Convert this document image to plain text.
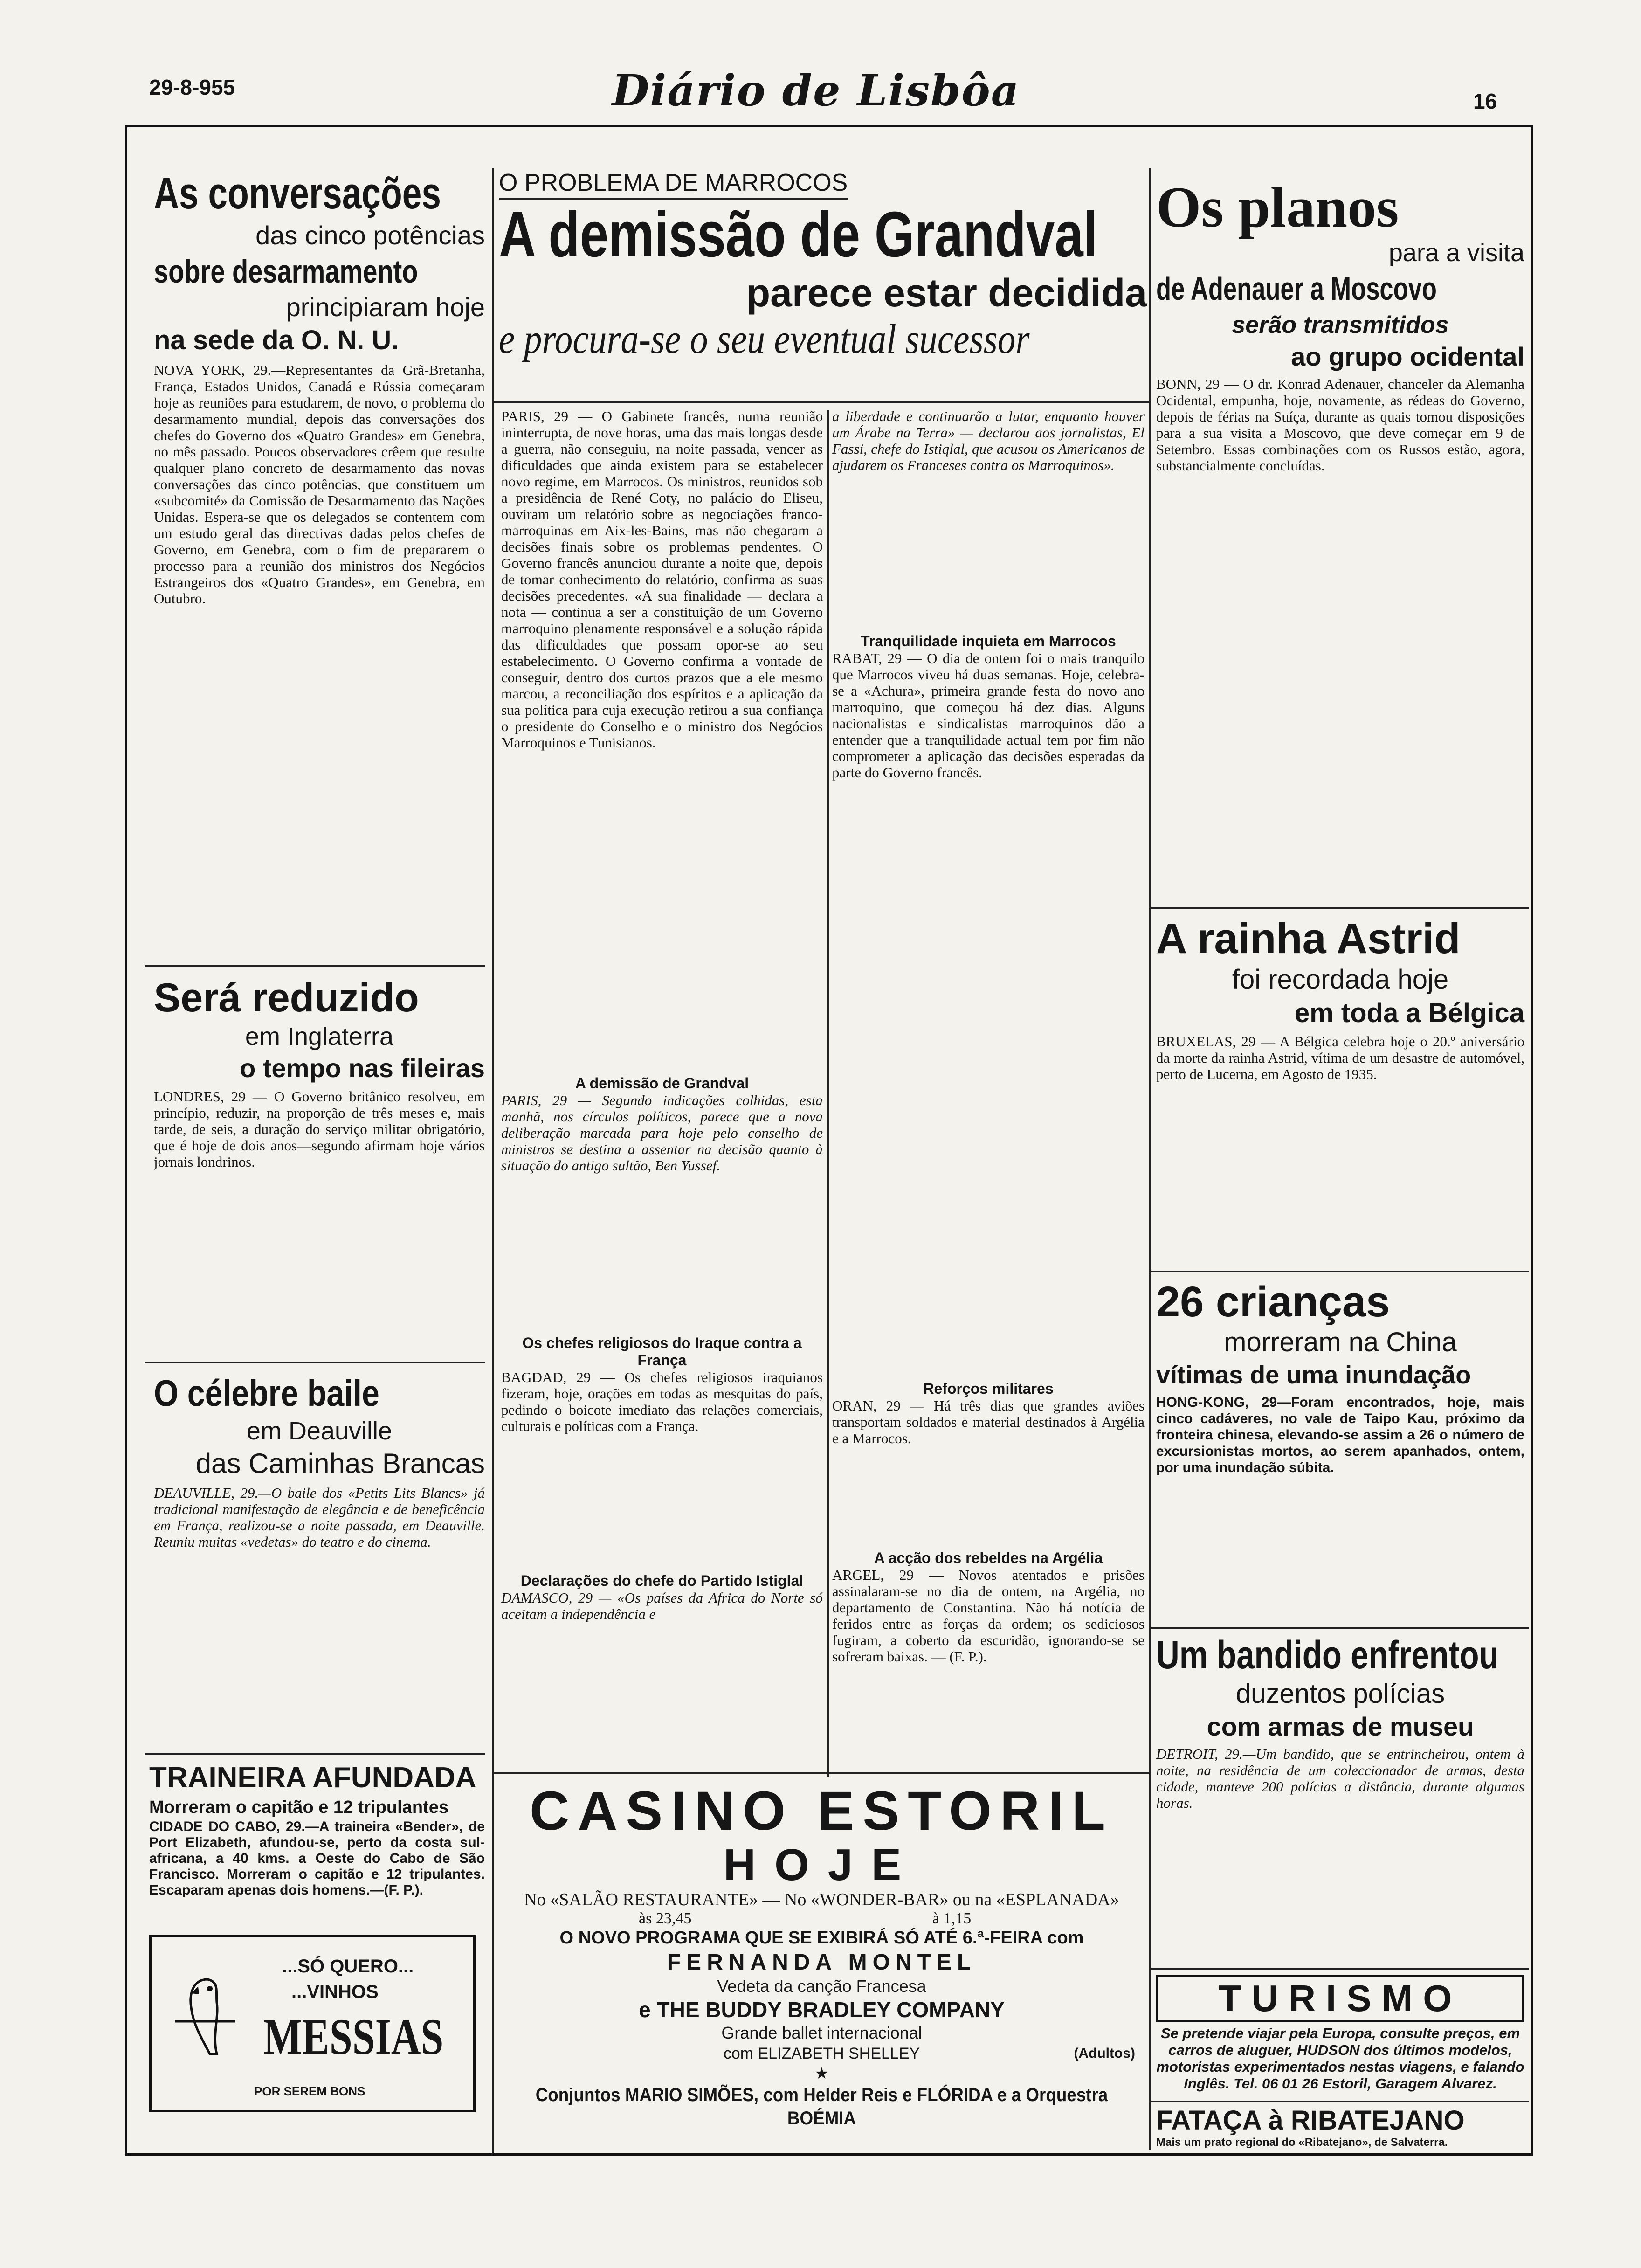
29-8-955	Diário de Lisbôa	16
As conversações
das cinco potências
sobre desarmamento
principiaram hoje
na sede da O. N. U.
NOVA YORK, 29.—Representantes da Grã-Bretanha, França, Estados Unidos, Canadá e Rússia começaram hoje as reuniões para estudarem, de novo, o problema do desarmamento mundial, depois das conversações dos chefes do Governo dos «Quatro Grandes» em Genebra, no mês passado. Poucos observadores crêem que resulte qualquer plano concreto de desarmamento das novas conversações das cinco potências, que constituem um «subcomité» da Comissão de Desarmamento das Nações Unidas. Espera-se que os delegados se contentem com um estudo geral das directivas dadas pelos chefes de Governo, em Genebra, com o fim de prepararem o processo para a reunião dos ministros dos Negócios Estrangeiros dos «Quatro Grandes», em Genebra, em Outubro.
Será reduzido
em Inglaterra
o tempo nas fileiras
LONDRES, 29 — O Governo britânico resolveu, em princípio, reduzir, na proporção de três meses e, mais tarde, de seis, a duração do serviço militar obrigatório, que é hoje de dois anos—segundo afirmam hoje vários jornais londrinos.
O célebre baile
em Deauville
das Caminhas Brancas
DEAUVILLE, 29.—O baile dos «Petits Lits Blancs» já tradicional manifestação de elegância e de beneficência em França, realizou-se a noite passada, em Deauville. Reuniu muitas «vedetas» do teatro e do cinema.
TRAINEIRA AFUNDADA
Morreram o capitão e 12 tripulantes
CIDADE DO CABO, 29.—A traineira «Bender», de Port Elizabeth, afundou-se, perto da costa sul-africana, a 40 kms. a Oeste do Cabo de São Francisco. Morreram o capitão e 12 tripulantes. Escaparam apenas dois homens.—(F. P.).
...SÓ QUERO...
...VINHOS
MESSIAS
POR SEREM BONS
O PROBLEMA DE MARROCOS
A demissão de Grandval
parece estar decidida
e procura-se o seu eventual sucessor
PARIS, 29 — O Gabinete francês, numa reunião ininterrupta, de nove horas, uma das mais longas desde a guerra, não conseguiu, na noite passada, vencer as dificuldades que ainda existem para se estabelecer novo regime, em Marrocos. Os ministros, reunidos sob a presidência de René Coty, no palácio do Eliseu, ouviram um relatório sobre as negociações franco-marroquinas em Aix-les-Bains, mas não chegaram a decisões finais sobre os problemas pendentes. O Governo francês anunciou durante a noite que, depois de tomar conhecimento do relatório, confirma as suas decisões precedentes. «A sua finalidade — declara a nota — continua a ser a constituição de um Governo marroquino plenamente responsável e a solução rápida das dificuldades que possam opor-se ao seu estabelecimento. O Governo confirma a vontade de conseguir, dentro dos curtos prazos que a ele mesmo marcou, a reconciliação dos espíritos e a aplicação da sua política para cuja execução retirou a sua confiança o presidente do Conselho e o ministro dos Negócios Marroquinos e Tunisianos.
A demissão de Grandval
PARIS, 29 — Segundo indicações colhidas, esta manhã, nos círculos políticos, parece que a nova deliberação marcada para hoje pelo conselho de ministros se destina a assentar na decisão quanto à situação do antigo sultão, Ben Yussef.
Os chefes religiosos do Iraque contra a França
BAGDAD, 29 — Os chefes religiosos iraquianos fizeram, hoje, orações em todas as mesquitas do país, pedindo o boicote imediato das relações comerciais, culturais e políticas com a França.
Declarações do chefe do Partido Istiglal
DAMASCO, 29 — «Os países da Africa do Norte só aceitam a independência e
a liberdade e continuarão a lutar, enquanto houver um Árabe na Terra» — declarou aos jornalistas, El Fassi, chefe do Istiqlal, que acusou os Americanos de ajudarem os Franceses contra os Marroquinos».
Tranquilidade inquieta em Marrocos
RABAT, 29 — O dia de ontem foi o mais tranquilo que Marrocos viveu há duas semanas. Hoje, celebra-se a «Achura», primeira grande festa do novo ano marroquino, que começou há dez dias. Alguns nacionalistas e sindicalistas marroquinos dão a entender que a tranquilidade actual tem por fim não comprometer a aplicação das decisões esperadas da parte do Governo francês.
Reforços militares
ORAN, 29 — Há três dias que grandes aviões transportam soldados e material destinados à Argélia e a Marrocos.
A acção dos rebeldes na Argélia
ARGEL, 29 — Novos atentados e prisões assinalaram-se no dia de ontem, na Argélia, no departamento de Constantina. Não há notícia de feridos entre as forças da ordem; os sediciosos fugiram, a coberto da escuridão, ignorando-se se sofreram baixas. — (F. P.).
Os planos
para a visita
de Adenauer a Moscovo
serão transmitidos
ao grupo ocidental
BONN, 29 — O dr. Konrad Adenauer, chanceler da Alemanha Ocidental, empunha, hoje, novamente, as rédeas do Governo, depois de férias na Suíça, durante as quais tomou disposições para a sua visita a Moscovo, que deve começar em 9 de Setembro. Essas combinações com os Russos estão, agora, substancialmente concluídas.
A rainha Astrid
foi recordada hoje
em toda a Bélgica
BRUXELAS, 29 — A Bélgica celebra hoje o 20.º aniversário da morte da rainha Astrid, vítima de um desastre de automóvel, perto de Lucerna, em Agosto de 1935.
26 crianças
morreram na China
vítimas de uma inundação
HONG-KONG, 29—Foram encontrados, hoje, mais cinco cadáveres, no vale de Taipo Kau, próximo da fronteira chinesa, elevando-se assim a 26 o número de excursionistas mortos, ao serem apanhados, ontem, por uma inundação súbita.
Um bandido enfrentou
duzentos polícias
com armas de museu
DETROIT, 29.—Um bandido, que se entrincheirou, ontem à noite, na residência de um coleccionador de armas, desta cidade, manteve 200 polícias a distância, durante algumas horas.
TURISMO
Se pretende viajar pela Europa, consulte preços, em carros de aluguer, HUDSON dos últimos modelos, motoristas experimentados nestas viagens, e falando Inglês. Tel. 06 01 26 Estoril, Garagem Alvarez.
FATAÇA à RIBATEJANO
Mais um prato regional do «Ribatejano», de Salvaterra.
CASINO ESTORIL
HOJE
No «SALÃO RESTAURANTE» — No «WONDER-BAR» ou na «ESPLANADA»
às 23,45	à 1,15
O NOVO PROGRAMA QUE SE EXIBIRÁ SÓ ATÉ 6.ª-FEIRA com
FERNANDA MONTEL
Vedeta da canção Francesa
e THE BUDDY BRADLEY COMPANY
Grande ballet internacional
com ELIZABETH SHELLEY	(Adultos)
★
Conjuntos MARIO SIMÕES, com Helder Reis e FLÓRIDA e a Orquestra BOÉMIA
